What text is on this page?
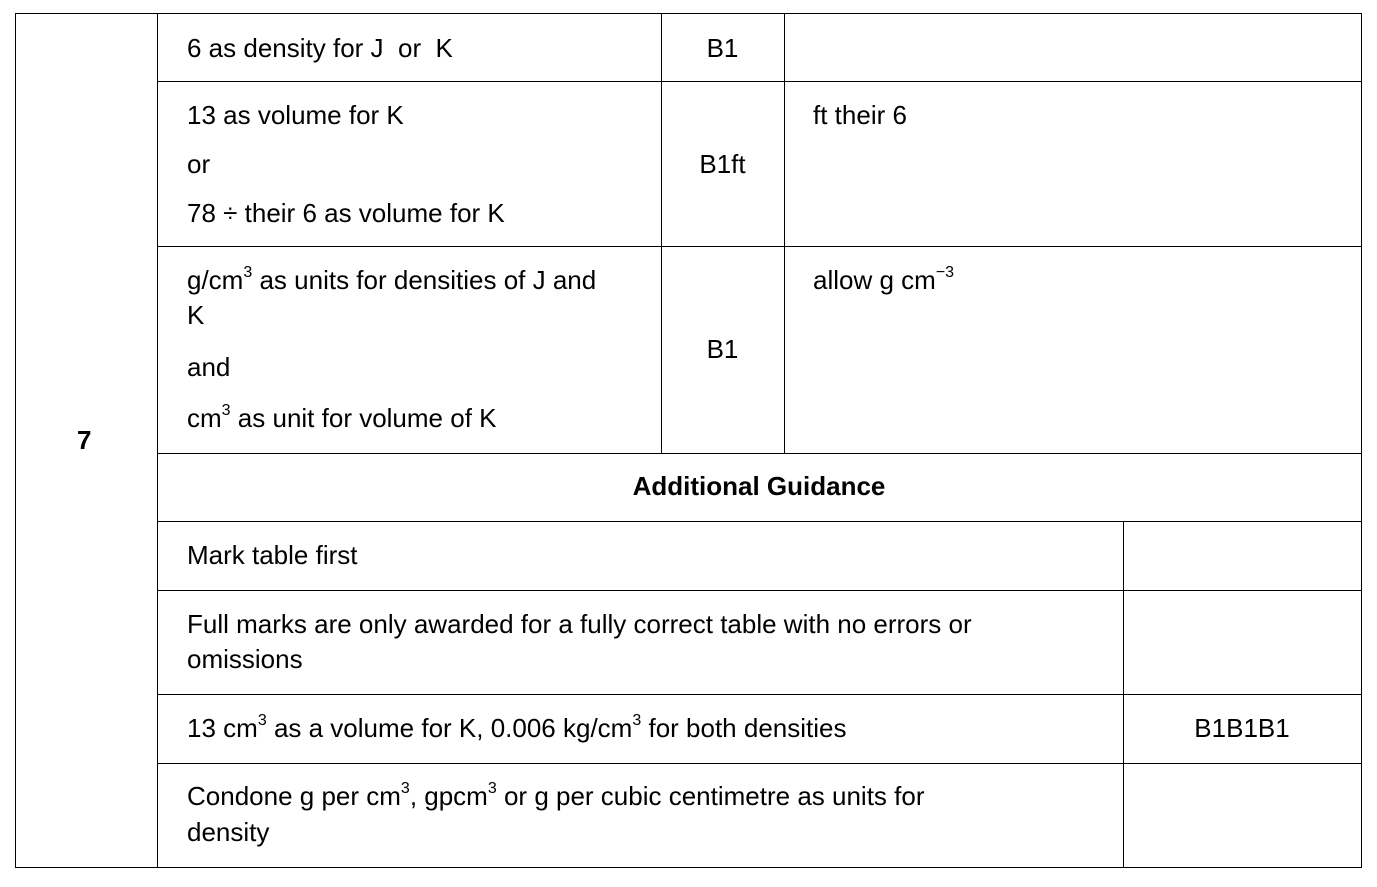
7
6 as density for J  or  K	B1
13 as volume for K
or
78 ÷ their 6 as volume for K
B1ft
ft their 6
$g/cm^3$ as units for densities of J and
K
and
$cm^3$ as unit for volume of K
B1
allow g $cm^{-3}$
Additional Guidance
Mark table first
Full marks are only awarded for a fully correct table with no errors or
omissions
13 $cm^3$ as a volume for K, 0.006 $kg/cm^3$ for both densities	B1B1B1
Condone g per $cm^3$, gpcm$^3$ or g per cubic centimetre as units for
density
